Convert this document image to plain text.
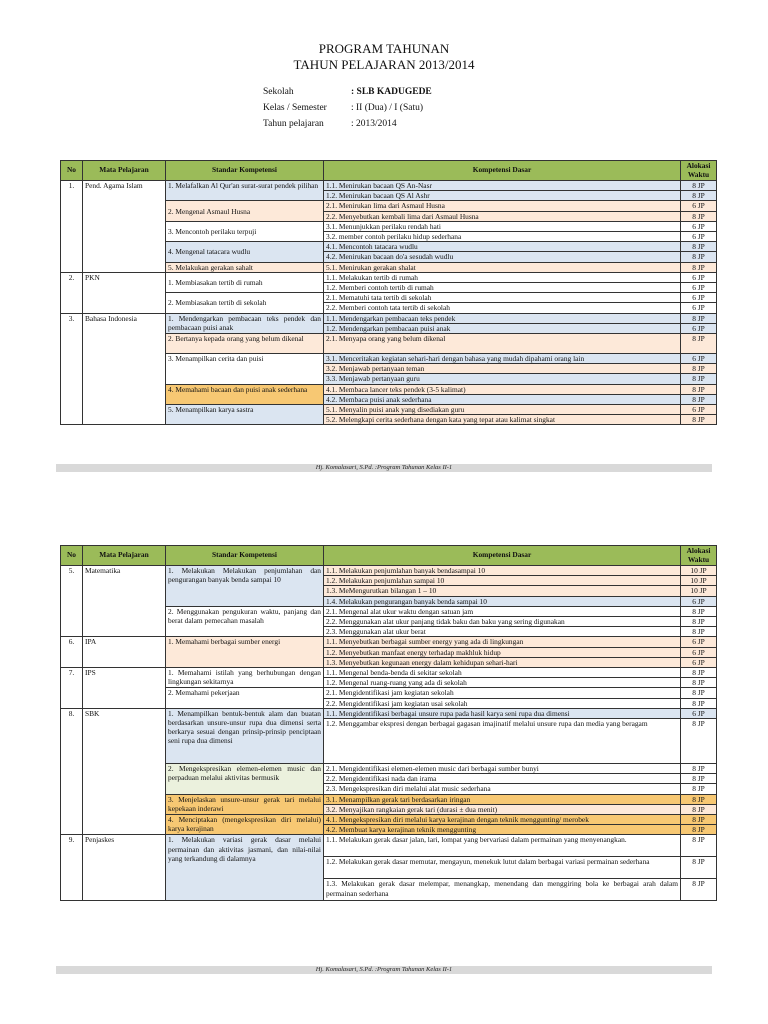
PROGRAM TAHUNAN
TAHUN PELAJARAN 2013/2014
Sekolah	: SLB KADUGEDE
Kelas / Semester	: II (Dua) / I (Satu)
Tahun pelajaran	: 2013/2014
No	Mata Pelajaran	Standar Kompetensi	Kompetensi Dasar	Alokasi Waktu
1.	Pend. Agama Islam	1. Melafalkan Al Qur'an surat-surat pendek pilihan	1.1. Menirukan bacaan QS An-Nasr	8 JP
			1.2. Menirukan bacaan QS Al Ashr	8 JP
		2. Mengenal Asmaul Husna	2.1. Menirukan lima dari Asmaul Husna	6 JP
			2.2. Menyebutkan kembali lima dari Asmaul Husna	8 JP
		3. Mencontoh perilaku terpuji	3.1. Menunjukkan perilaku rendah hati	6 JP
			3.2. member contoh perilaku hidup sederhana	6 JP
		4. Mengenal tatacara wudlu	4.1. Mencontoh tatacara wudlu	8 JP
			4.2. Menirukan bacaan do'a sesudah wudlu	8 JP
		5. Melakukan gerakan sahalt	5.1. Menirukan gerakan shalat	8 JP
2.	PKN	1. Membiasakan tertib di rumah	1.1. Melakukan tertib di rumah	6 JP
			1.2. Memberi contoh tertib di rumah	6 JP
		2. Membiasakan tertib di sekolah	2.1. Mematuhi tata tertib di sekolah	6 JP
			2.2. Memberi contoh tata tertib di sekolah	6 JP
3.	Bahasa Indonesia	1. Mendengarkan pembacaan teks pendek dan pembacaan puisi anak	1.1. Mendengarkan pembacaan teks pendek	8 JP
			1.2. Mendengarkan pembacaan puisi anak	6 JP
		2. Bertanya kepada orang yang belum dikenal	2.1. Menyapa orang yang belum dikenal	8 JP
		3. Menampilkan cerita dan puisi	3.1. Menceritakan kegiatan sehari-hari dengan bahasa yang mudah dipahami orang lain	6 JP
			3.2. Menjawab pertanyaan teman	8 JP
			3.3. Menjawab pertanyaan guru	8 JP
		4. Memahami bacaan dan puisi anak sederhana	4.1. Membaca lancer teks pendek (3-5 kalimat)	8 JP
			4.2. Membaca puisi anak sederhana	8 JP
		5. Menampilkan karya sastra	5.1. Menyalin puisi anak yang disediakan guru	6 JP
			5.2. Melengkapi cerita sederhana dengan kata yang tepat atau kalimat singkat	8 JP
Hj. Komalasari, S.Pd. :Program Tahunan Kelas II-1
No	Mata Pelajaran	Standar Kompetensi	Kompetensi Dasar	Alokasi Waktu
5.	Matematika	1. Melakukan Melakukan penjumlahan dan pengurangan banyak benda sampai 10	1.1. Melakukan penjumlahan banyak bendasampai 10	10 JP
			1.2. Melakukan penjumlahan sampai 10	10 JP
			1.3. MeMengurutkan bilangan 1 – 10	10 JP
			1.4. Melakukan pengurangan banyak benda sampai 10	6 JP
		2. Menggunakan pengukuran waktu, panjang dan berat dalam pemecahan masalah	2.1. Mengenal alat ukur waktu dengan satuan jam	8 JP
			2.2. Menggunakan alat ukur panjang tidak baku dan baku yang sering digunakan	8 JP
			2.3. Menggunakan alat ukur berat	8 JP
6.	IPA	1. Memahami berbagai sumber energi	1.1. Menyebutkan berbagai sumber energy yang ada di lingkungan	6 JP
			1.2. Menyebutkan manfaat energy terhadap makhluk hidup	6 JP
			1.3. Menyebutkan kegunaan energy dalam kehidupan sehari-hari	6 JP
7.	IPS	1. Memahami istilah yang berhubungan dengan lingkungan sekitarnya	1.1. Mengenal benda-benda di sekitar sekolah	8 JP
			1.2. Mengenal ruang-ruang yang ada di sekolah	8 JP
		2. Memahami pekerjaan	2.1. Mengidentifikasi jam kegiatan sekolah	8 JP
			2.2. Mengidentifikasi jam kegiatan usai sekolah	8 JP
8.	SBK	1. Menampilkan bentuk-bentuk alam dan buatan berdasarkan unsure-unsur rupa dua dimensi serta berkarya sesuai dengan prinsip-prinsip penciptaan seni rupa dua dimensi	1.1. Mengidentifikasi berbagai unsure rupa pada hasil karya seni rupa dua dimensi	6 JP
			1.2. Menggambar ekspresi dengan berbagai gagasan imajinatif melalui unsure rupa dan media yang beragam	8 JP
		2. Mengekspresikan elemen-elemen music dan perpaduan melalui aktivitas bermusik	2.1. Mengidentifikasi elemen-elemen music dari berbagai sumber bunyi	8 JP
			2.2. Mengidentifikasi nada dan irama	8 JP
			2.3. Mengekspresikan diri melalui alat music sederhana	8 JP
		3. Menjelaskan unsure-unsur gerak tari melalui kepekaan inderawi	3.1. Menampilkan gerak tari berdasarkan iringan	8 JP
			3.2. Menyajikan rangkaian gerak tari (durasi ± dua menit)	8 JP
		4. Menciptakan (mengekspresikan diri melalui) karya kerajinan	4.1. Mengekspresikan diri melalui karya kerajinan dengan teknik menggunting/ merobek	8 JP
			4.2. Membuat karya kerajinan teknik menggunting	8 JP
9.	Penjaskes	1. Melakukan variasi gerak dasar melalui permainan dan aktivitas jasmani, dan nilai-nilai yang terkandung di dalamnya	1.1. Melakukan gerak dasar jalan, lari, lompat yang bervariasi dalam permainan yang menyenangkan.	8 JP
			1.2. Melakukan gerak dasar memutar, mengayun, menekuk lutut dalam berbagai variasi permainan sederhana	8 JP
			1.3. Melakukan gerak dasar melempar, menangkap, menendang dan menggiring bola ke berbagai arah dalam permainan sederhana	8 JP
Hj. Komalasari, S.Pd. :Program Tahunan Kelas II-1
